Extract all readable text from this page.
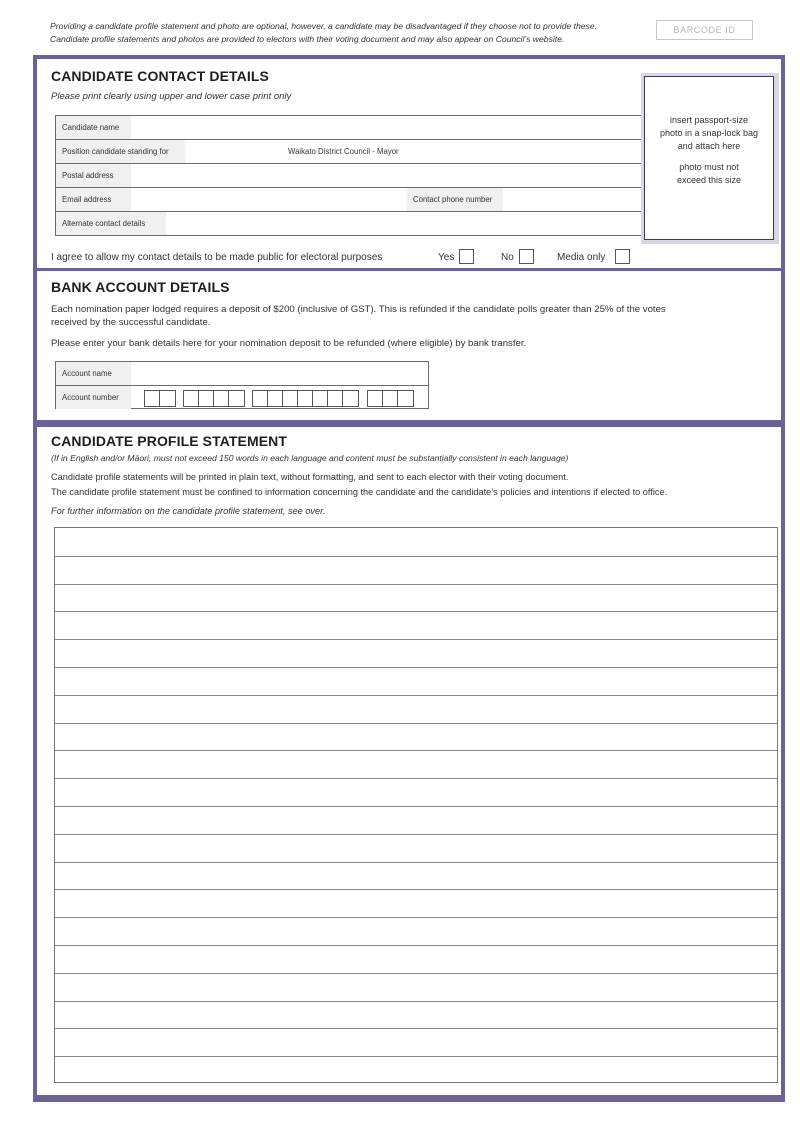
Providing a candidate profile statement and photo are optional, however, a candidate may be disadvantaged if they choose not to provide these.
Candidate profile statements and photos are provided to electors with their voting document and may also appear on Council’s website.
BARCODE ID
CANDIDATE CONTACT DETAILS
Please print clearly using upper and lower case print only
Candidate name
Position candidate standing for	Waikato District Council - Mayor
Postal address
Email address	Contact phone number
Alternate contact details
insert passport-size
photo in a snap-lock bag
and attach here
photo must not
exceed this size
I agree to allow my contact details to be made public for electoral purposes	Yes	No	Media only
BANK ACCOUNT DETAILS
Each nomination paper lodged requires a deposit of $200 (inclusive of GST). This is refunded if the candidate polls greater than 25% of the votes
received by the successful candidate.
Please enter your bank details here for your nomination deposit to be refunded (where eligible) by bank transfer.
Account name
Account number
CANDIDATE PROFILE STATEMENT
(If in English and/or Māori, must not exceed 150 words in each language and content must be substantially consistent in each language)
Candidate profile statements will be printed in plain text, without formatting, and sent to each elector with their voting document.
The candidate profile statement must be confined to information concerning the candidate and the candidate’s policies and intentions if elected to office.
For further information on the candidate profile statement, see over.
